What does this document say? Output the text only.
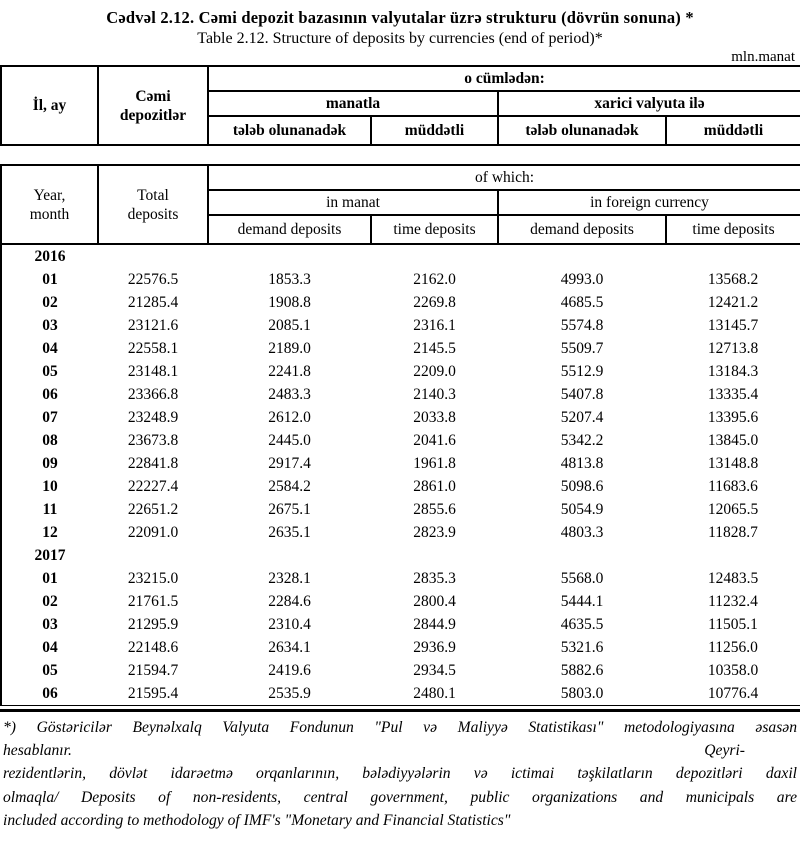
Cədvəl 2.12. Cəmi depozit bazasının valyutalar üzrə strukturu (dövrün sonuna) *
Table 2.12. Structure of deposits by currencies (end of period)*
mln.manat
İl, ay	Cəmi depozitlər	o cümlədən:			
		manatla		xarici valyuta ilə	
		tələb olunanadək	müddətli	tələb olunanadək	müddətli
Year, month	Total deposits	of which:			
		in manat		in foreign currency	
		demand deposits	time deposits	demand deposits	time deposits
2016					
01	22576.5	1853.3	2162.0	4993.0	13568.2
02	21285.4	1908.8	2269.8	4685.5	12421.2
03	23121.6	2085.1	2316.1	5574.8	13145.7
04	22558.1	2189.0	2145.5	5509.7	12713.8
05	23148.1	2241.8	2209.0	5512.9	13184.3
06	23366.8	2483.3	2140.3	5407.8	13335.4
07	23248.9	2612.0	2033.8	5207.4	13395.6
08	23673.8	2445.0	2041.6	5342.2	13845.0
09	22841.8	2917.4	1961.8	4813.8	13148.8
10	22227.4	2584.2	2861.0	5098.6	11683.6
11	22651.2	2675.1	2855.6	5054.9	12065.5
12	22091.0	2635.1	2823.9	4803.3	11828.7
2017					
01	23215.0	2328.1	2835.3	5568.0	12483.5
02	21761.5	2284.6	2800.4	5444.1	11232.4
03	21295.9	2310.4	2844.9	4635.5	11505.1
04	22148.6	2634.1	2936.9	5321.6	11256.0
05	21594.7	2419.6	2934.5	5882.6	10358.0
06	21595.4	2535.9	2480.1	5803.0	10776.4
*) Göstəricilər Beynəlxalq Valyuta Fondunun "Pul və Maliyyə Statistikası" metodologiyasına əsasən
hesablanır.	Qeyri-
rezidentlərin, dövlət idarəetmə orqanlarının, bələdiyyələrin və ictimai təşkilatların depozitləri daxil
olmaqla/ Deposits of non-residents, central government, public organizations and municipals are
included according to methodology of IMF's "Monetary and Financial Statistics"
